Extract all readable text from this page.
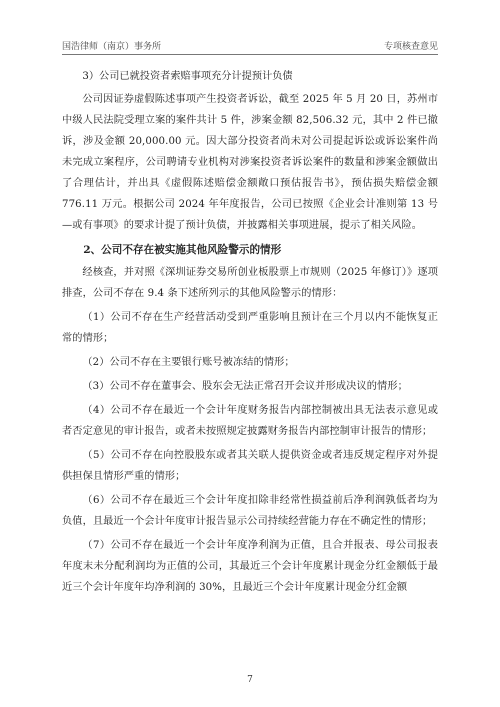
国浩律师（南京）事务所	专项核查意见

3）公司已就投资者索赔事项充分计提预计负债

公司因证券虚假陈述事项产生投资者诉讼，截至 2025 年 5 月 20 日，苏州市中级人民法院受理立案的案件共计 5 件，涉案金额 82,506.32 元，其中 2 件已撤诉，涉及金额 20,000.00 元。因大部分投资者尚未对公司提起诉讼或诉讼案件尚未完成立案程序，公司聘请专业机构对涉案投资者诉讼案件的数量和涉案金额做出了合理估计，并出具《虚假陈述赔偿金额敞口预估报告书》，预估损失赔偿金额 776.11 万元。根据公司 2024 年年度报告，公司已按照《企业会计准则第 13 号—或有事项》的要求计提了预计负债，并披露相关事项进展，提示了相关风险。

2、公司不存在被实施其他风险警示的情形

经核查，并对照《深圳证券交易所创业板股票上市规则（2025 年修订）》逐项排查，公司不存在 9.4 条下述所列示的其他风险警示的情形：

（1）公司不存在生产经营活动受到严重影响且预计在三个月以内不能恢复正常的情形；

（2）公司不存在主要银行账号被冻结的情形；

（3）公司不存在董事会、股东会无法正常召开会议并形成决议的情形；

（4）公司不存在最近一个会计年度财务报告内部控制被出具无法表示意见或者否定意见的审计报告，或者未按照规定披露财务报告内部控制审计报告的情形；

（5）公司不存在向控股股东或者其关联人提供资金或者违反规定程序对外提供担保且情形严重的情形；

（6）公司不存在最近三个会计年度扣除非经常性损益前后净利润孰低者均为负值，且最近一个会计年度审计报告显示公司持续经营能力存在不确定性的情形；

（7）公司不存在最近一个会计年度净利润为正值，且合并报表、母公司报表年度末未分配利润均为正值的公司，其最近三个会计年度累计现金分红金额低于最近三个会计年度年均净利润的 30%，且最近三个会计年度累计现金分红金额

7
